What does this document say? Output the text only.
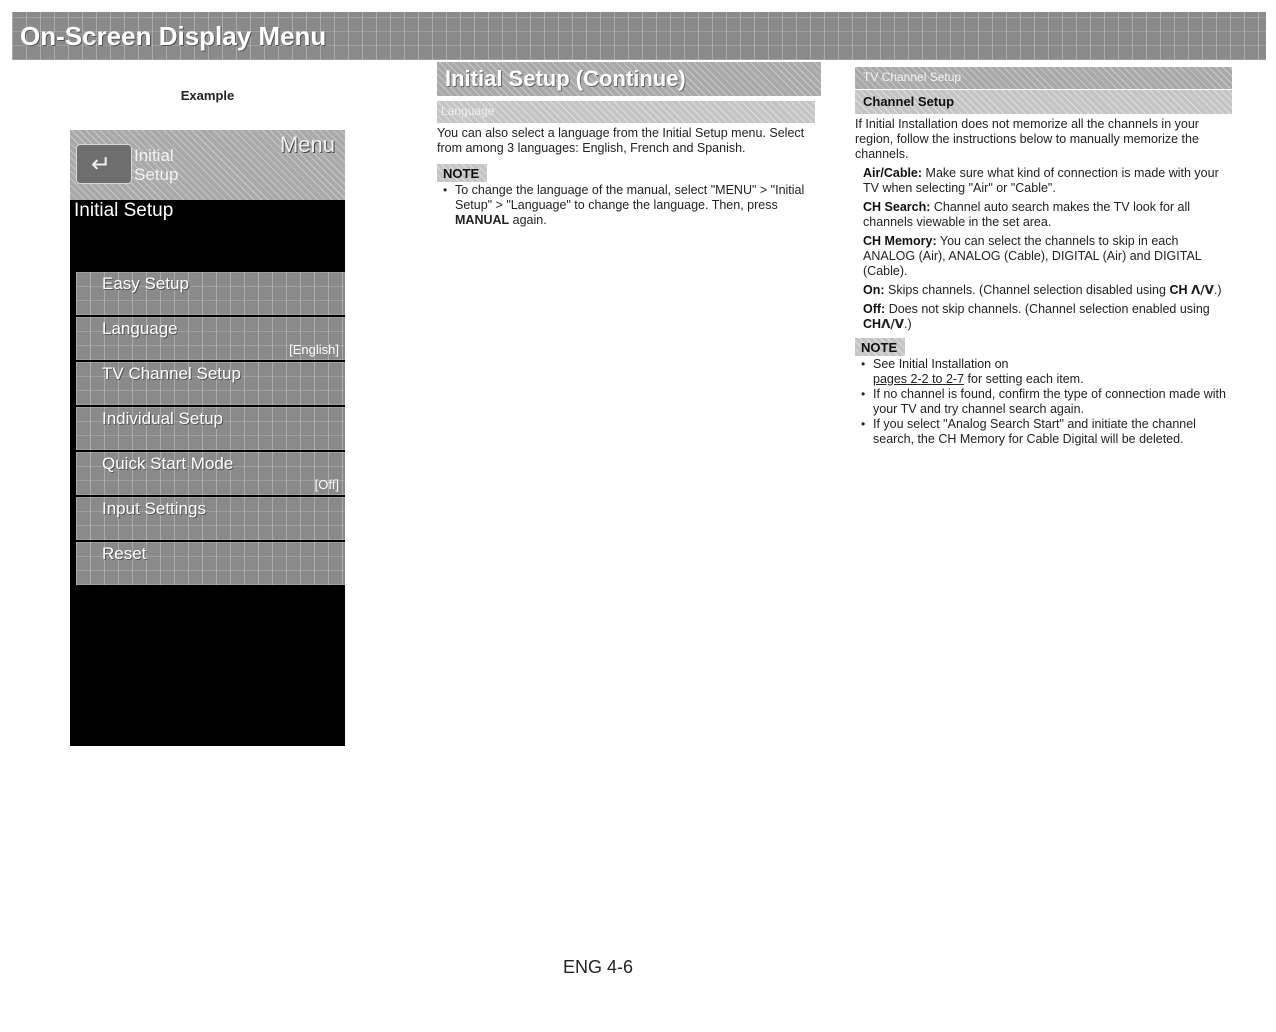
On-Screen Display Menu
Example
↵
Initial
Setup
Menu
Initial Setup
Easy Setup
Language
[English]
TV Channel Setup
Individual Setup
Quick Start Mode
[Off]
Input Settings
Reset
Initial Setup (Continue)
Language

You can also select a language from the Initial Setup menu. Select from among 3 languages: English, French and Spanish.

NOTE
• To change the language of the manual, select "MENU" > "Initial Setup" > "Language" to change the language. Then, press MANUAL again.
TV Channel Setup
Channel Setup

If Initial Installation does not memorize all the channels in your region, follow the instructions below to manually memorize the channels.

Air/Cable: Make sure what kind of connection is made with your TV when selecting "Air" or "Cable".
CH Search: Channel auto search makes the TV look for all channels viewable in the set area.
CH Memory: You can select the channels to skip in each ANALOG (Air), ANALOG (Cable), DIGITAL (Air) and DIGITAL (Cable).
On: Skips channels. (Channel selection disabled using CH Λ/V.)
Off: Does not skip channels. (Channel selection enabled using CHΛ/V.)
NOTE
• See Initial Installation on
pages 2-2 to 2-7 for setting each item.
• If no channel is found, confirm the type of connection made with your TV and try channel search again.
• If you select "Analog Search Start" and initiate the channel search, the CH Memory for Cable Digital will be deleted.
ENG 4-6
